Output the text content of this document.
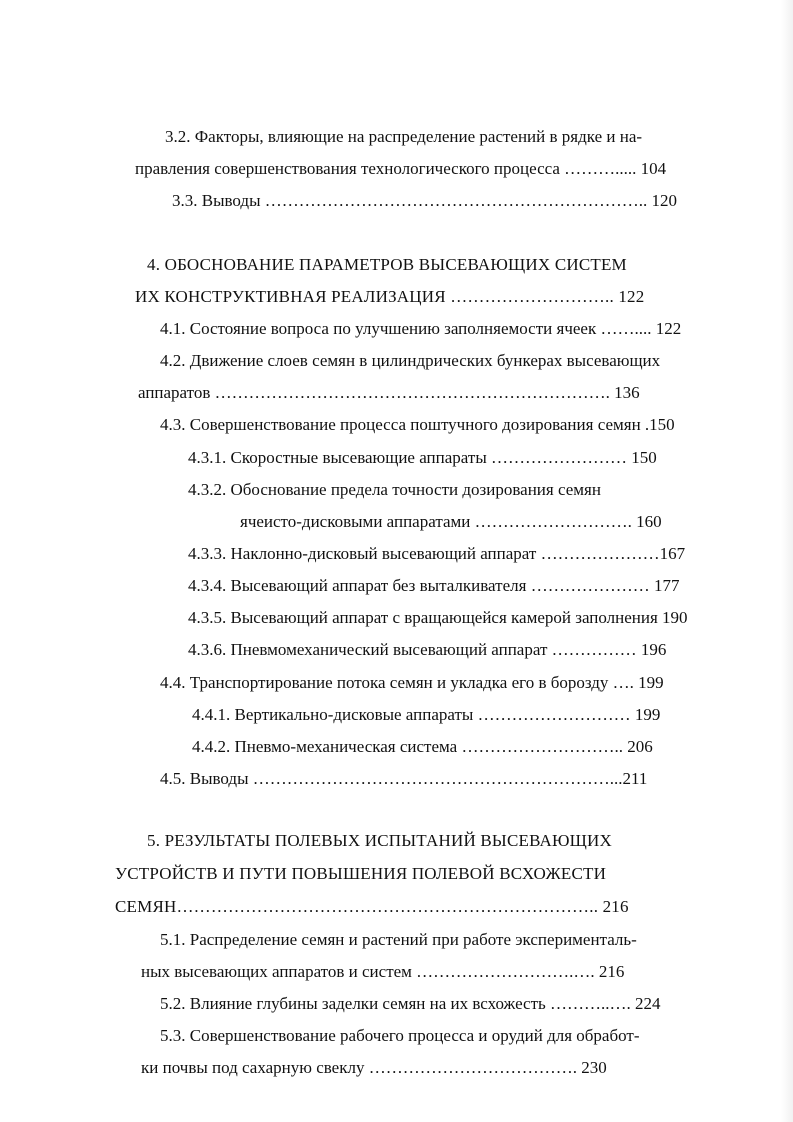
3.2. Факторы, влияющие на распределение растений в рядке и на-
правления совершенствования технологического процесса ………..... 104
3.3. Выводы ………………………………………………………….. 120
4. ОБОСНОВАНИЕ ПАРАМЕТРОВ ВЫСЕВАЮЩИХ СИСТЕМ
ИХ КОНСТРУКТИВНАЯ РЕАЛИЗАЦИЯ ……………………….. 122
4.1. Состояние вопроса по улучшению заполняемости ячеек …….... 122
4.2. Движение слоев семян в цилиндрических бункерах высевающих
аппаратов ……………………………………………………………. 136
4.3. Совершенствование процесса поштучного дозирования семян .150
4.3.1. Скоростные высевающие аппараты …………………… 150
4.3.2. Обоснование предела точности дозирования семян
ячеисто-дисковыми аппаратами ………………………. 160
4.3.3. Наклонно-дисковый высевающий аппарат …………………167
4.3.4. Высевающий аппарат без выталкивателя ………………… 177
4.3.5. Высевающий аппарат с вращающейся камерой заполнения 190
4.3.6. Пневмомеханический высевающий аппарат …………… 196
4.4. Транспортирование потока семян и укладка его в борозду …. 199
4.4.1. Вертикально-дисковые аппараты ……………………… 199
4.4.2. Пневмо-механическая система ……………………….. 206
4.5. Выводы ………………………………………………………...211
5. РЕЗУЛЬТАТЫ ПОЛЕВЫХ ИСПЫТАНИЙ ВЫСЕВАЮЩИХ
УСТРОЙСТВ И ПУТИ ПОВЫШЕНИЯ ПОЛЕВОЙ ВСХОЖЕСТИ
СЕМЯН……………………………………………………………….. 216
5.1. Распределение семян и растений при работе эксперименталь-
ных высевающих аппаратов и систем ……………………….…. 216
5.2. Влияние глубины заделки семян на их всхожесть ………..…. 224
5.3. Совершенствование рабочего процесса и орудий для обработ-
ки почвы под сахарную свеклу ………………………………. 230
